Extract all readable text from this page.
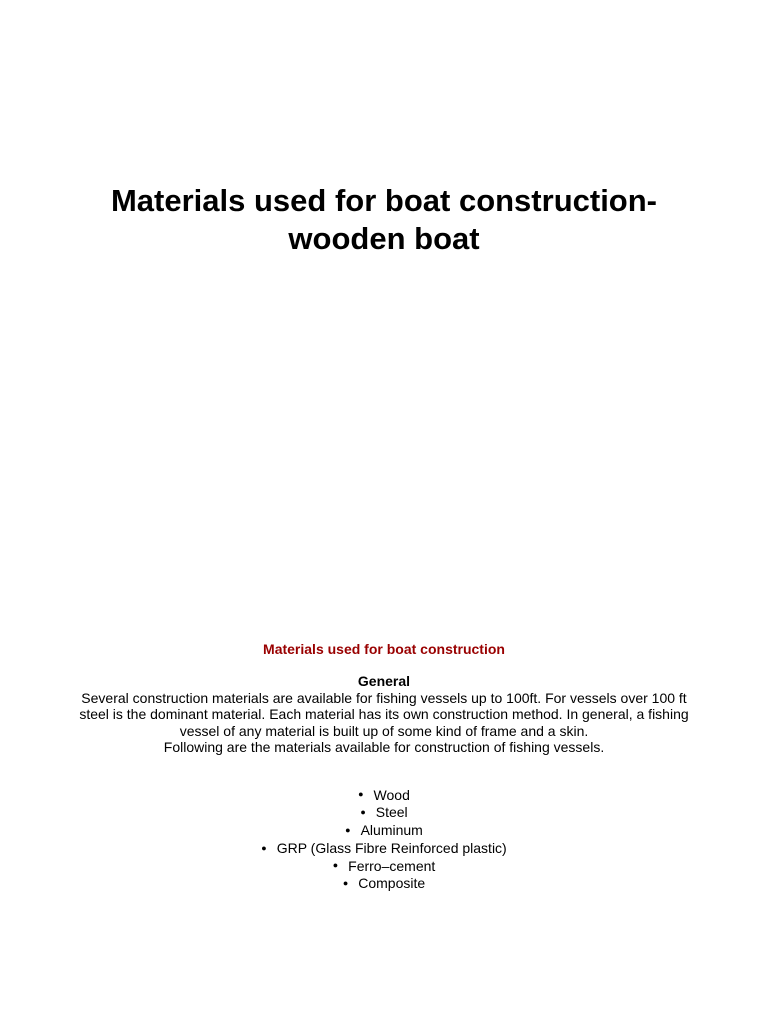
Materials used for boat construction-
wooden boat
Materials used for boat construction

General

Several construction materials are available for fishing vessels up to 100ft. For vessels over 100 ft

steel is the dominant material. Each material has its own construction method. In general, a fishing

vessel of any material is built up of some kind of frame and a skin.

Following are the materials available for construction of fishing vessels.

● Wood
● Steel
● Aluminum
● GRP (Glass Fibre Reinforced plastic)
● Ferro–cement
● Composite
